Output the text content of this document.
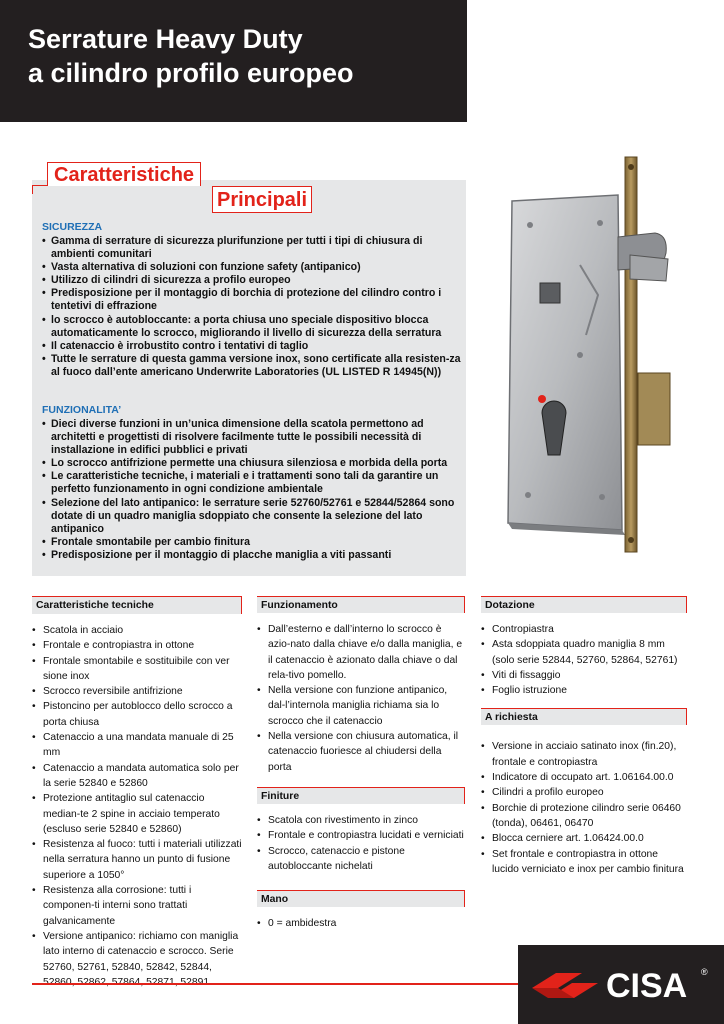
Serrature Heavy Duty
a cilindro profilo europeo
Caratteristiche
Principali
SICUREZZA
• Gamma di serrature di sicurezza plurifunzione per tutti i tipi di chiusura di ambienti comunitari
• Vasta alternativa di soluzioni con funzione safety (antipanico)
• Utilizzo di cilindri di sicurezza a profilo europeo
• Predisposizione per il montaggio di borchia di protezione del cilindro contro i tentetivi di effrazione
• lo scrocco è autobloccante: a porta chiusa uno speciale dispositivo blocca automaticamente lo scrocco, migliorando il livello di sicurezza della serratura
• Il catenaccio è irrobustito contro i tentativi di taglio
• Tutte le serrature di questa gamma versione inox, sono certificate alla resisten-za al fuoco dall’ente americano Underwrite Laboratories (UL LISTED R 14945(N))
FUNZIONALITA’
• Dieci diverse funzioni in un’unica dimensione della scatola permettono ad architetti e progettisti di risolvere facilmente tutte le possibili necessità di installazione in edifici pubblici e privati
• Lo scrocco antifrizione permette una chiusura silenziosa e morbida della porta
• Le caratteristiche tecniche, i materiali e i trattamenti sono tali da garantire un perfetto funzionamento in ogni condizione ambientale
• Selezione del lato antipanico: le serrature serie 52760/52761 e 52844/52864 sono dotate di un quadro maniglia sdoppiato che consente la selezione del lato antipanico
• Frontale smontabile per cambio finitura
• Predisposizione per il montaggio di placche maniglia a viti passanti
Caratteristiche tecniche
• Scatola in acciaio
• Frontale e contropiastra in ottone
• Frontale smontabile e sostituibile con ver sione inox
• Scrocco reversibile antifrizione
• Pistoncino per autoblocco dello scrocco a porta chiusa
• Catenaccio a una mandata manuale di 25 mm
• Catenaccio a mandata automatica solo per la serie 52840 e 52860
• Protezione antitaglio sul catenaccio median-te 2 spine in acciaio temperato (escluso serie 52840 e 52860)
• Resistenza al fuoco: tutti i materiali utilizzati nella serratura hanno un punto di fusione superiore a 1050°
• Resistenza alla corrosione: tutti i componen-ti interni sono trattati galvanicamente
• Versione antipanico: richiamo con maniglia lato interno di catenaccio e scrocco. Serie 52760, 52761, 52840, 52842, 52844,
Funzionamento
• Dall’esterno e dall’interno lo scrocco è azio-nato dalla chiave e/o dalla maniglia, e il catenaccio è azionato dalla chiave o dal rela-tivo pomello.
• Nella versione con funzione antipanico, dal-l’internola maniglia richiama sia lo scrocco che il catenaccio
• Nella versione con chiusura automatica, il catenaccio fuoriesce al chiudersi della porta
Finiture
• Scatola con rivestimento in zinco
• Frontale e contropiastra lucidati e verniciati
• Scrocco, catenaccio e pistone autobloccante nichelati
Mano
• 0 = ambidestra
Dotazione
• Contropiastra
• Asta sdoppiata quadro maniglia 8 mm (solo serie 52844, 52760, 52864, 52761)
• Viti di fissaggio
• Foglio istruzione
A richiesta
• Versione in acciaio satinato inox (fin.20), frontale e contropiastra
• Indicatore di occupato art. 1.06164.00.0
• Cilindri a profilo europeo
• Borchie di protezione cilindro serie 06460 (tonda), 06461, 06470
• Blocca cerniere art. 1.06424.00.0
• Set frontale e contropiastra in ottone lucido verniciato e inox per cambio finitura
CISA ®
